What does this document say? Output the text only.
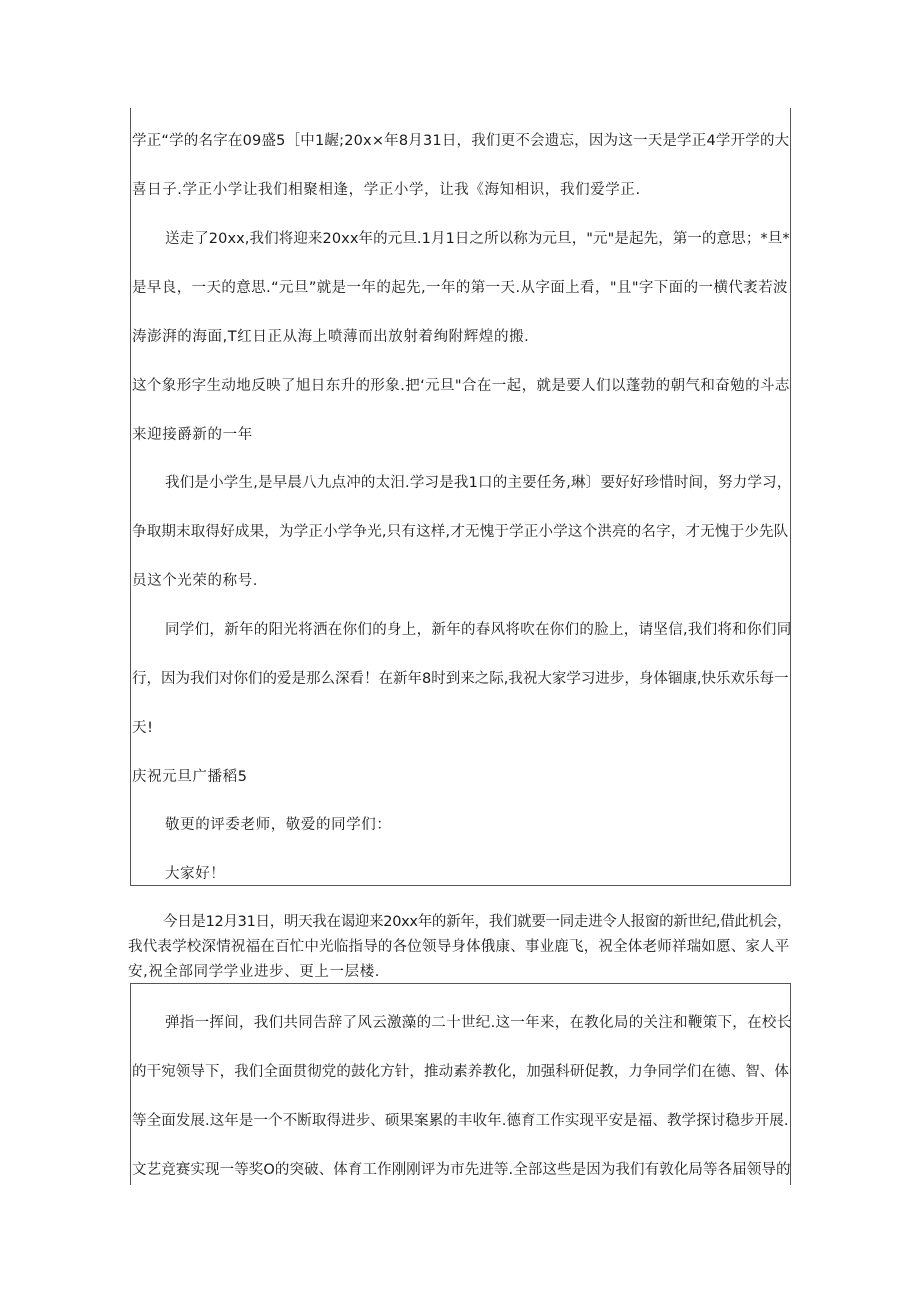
学正“学的名字在09盛5［中1龌;20x×年8月31日，我们更不会遗忘，因为这一天是学正4学开学的大
喜日子.学正小学让我们相聚相逢，学正小学，让我《海知相识，我们爱学正.
送走了20xx,我们将迎来20xx年的元旦.1月1日之所以称为元旦，"元"是起先，第一的意思；*旦*
是早良，一天的意思.“元旦”就是一年的起先,一年的第一天.从字面上看，"且"字下面的一横代袤若波
涛澎湃的海面,T红日正从海上喷薄而出放射着绚附辉煌的搬.
这个象形字生动地反映了旭日东升的形象.把‘元旦"合在一起，就是要人们以蓬勃的朝气和奋勉的斗志
来迎接爵新的一年
我们是小学生,是早晨八九点冲的太汨.学习是我1口的主要任务,琳〕要好好珍惜时间，努力学习，
争取期末取得好成果，为学正小学争光,只有这样,才无愧于学正小学这个洪亮的名字，才无愧于少先队
员这个光荣的称号.
同学们，新年的阳光将洒在你们的身上，新年的春风将吹在你们的脸上，请坚信,我们将和你们同
行，因为我们对你们的爱是那么深看！在新年8时到来之际,我祝大家学习进步，身体锢康,快乐欢乐每一
天!
庆祝元旦广播稻5
敬更的评委老师，敬爱的同学们：
大家好！
今日是12月31日，明天我在谒迎来20xx年的新年，我们就要一同走进令人报窗的新世纪,借此机会，
我代表学校深情祝福在百忙中光临指导的各位领导身体俄康、事业鹿飞，祝全体老师祥瑞如愿、家人平
安,祝全部同学学业进步、更上一层楼.
弹指一挥间，我们共同告辞了风云激藻的二十世纪.这一年来，在教化局的关注和鞭策下，在校长
的干宛领导下，我们全面贯彻党的鼓化方针，推动素养教化，加强科研促教，力争同学们在德、智、体
等全面发展.这年是一个不断取得进步、硕果案累的丰收年.德育工作实现平安是福、教学探讨稳步开展.
文艺竞赛实现一等奖O的突破、体育工作刚刚评为市先进等.全部这些是因为我们有敦化局等各届领导的
